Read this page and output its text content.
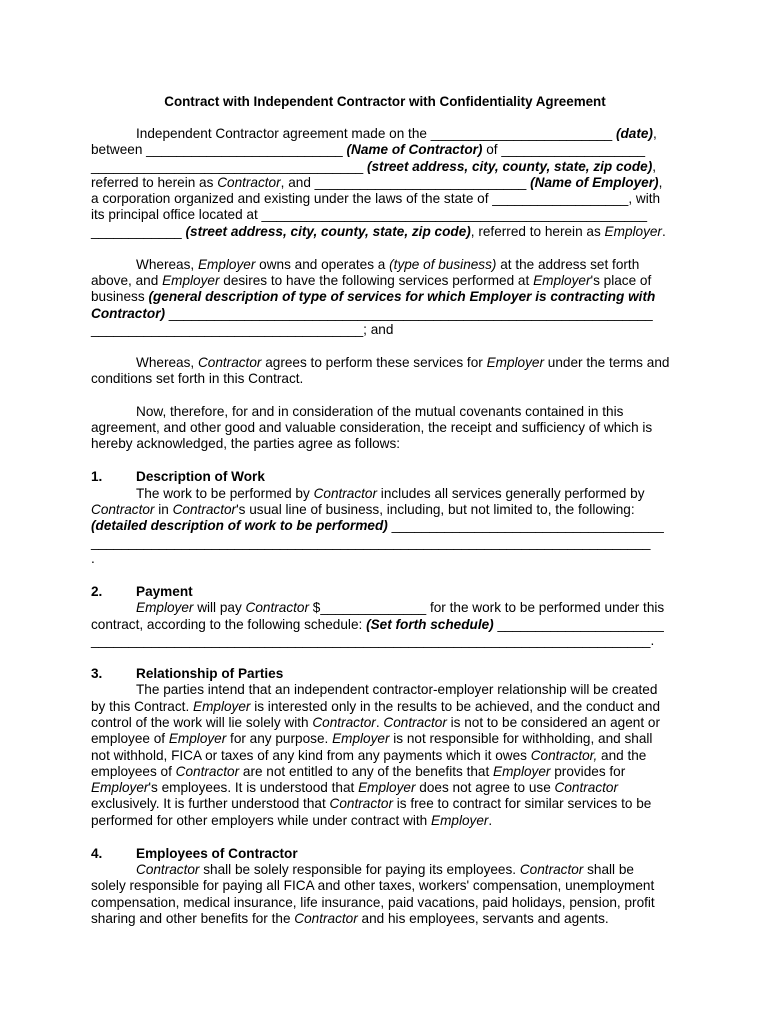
Contract with Independent Contractor with Confidentiality Agreement
Independent Contractor agreement made on the ________________________ (date),
between __________________________ (Name of Contractor) of ___________________
____________________________________ (street address, city, county, state, zip code),
referred to herein as Contractor, and ____________________________ (Name of Employer),
a corporation organized and existing under the laws of the state of __________________, with
its principal office located at ___________________________________________________
____________ (street address, city, county, state, zip code), referred to herein as Employer.
Whereas, Employer owns and operates a (type of business) at the address set forth
above, and Employer desires to have the following services performed at Employer's place of
business (general description of type of services for which Employer is contracting with
Contractor) ________________________________________________________________
____________________________________; and
Whereas, Contractor agrees to perform these services for Employer under the terms and
conditions set forth in this Contract.
Now, therefore, for and in consideration of the mutual covenants contained in this
agreement, and other good and valuable consideration, the receipt and sufficiency of which is
hereby acknowledged, the parties agree as follows:
1. Description of Work
The work to be performed by Contractor includes all services generally performed by
Contractor in Contractor's usual line of business, including, but not limited to, the following:
(detailed description of work to be performed) ____________________________________
__________________________________________________________________________
.
2. Payment
Employer will pay Contractor $______________ for the work to be performed under this
contract, according to the following schedule: (Set forth schedule) ______________________
__________________________________________________________________________.
3. Relationship of Parties
The parties intend that an independent contractor-employer relationship will be created
by this Contract. Employer is interested only in the results to be achieved, and the conduct and
control of the work will lie solely with Contractor. Contractor is not to be considered an agent or
employee of Employer for any purpose. Employer is not responsible for withholding, and shall
not withhold, FICA or taxes of any kind from any payments which it owes Contractor, and the
employees of Contractor are not entitled to any of the benefits that Employer provides for
Employer's employees. It is understood that Employer does not agree to use Contractor
exclusively. It is further understood that Contractor is free to contract for similar services to be
performed for other employers while under contract with Employer.
4. Employees of Contractor
Contractor shall be solely responsible for paying its employees. Contractor shall be
solely responsible for paying all FICA and other taxes, workers' compensation, unemployment
compensation, medical insurance, life insurance, paid vacations, paid holidays, pension, profit
sharing and other benefits for the Contractor and his employees, servants and agents.
